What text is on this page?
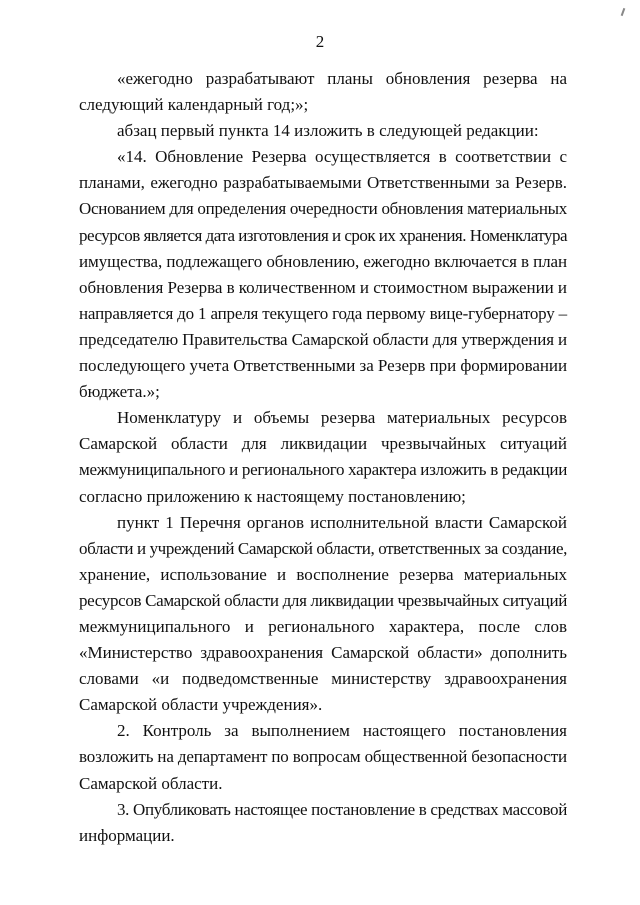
2
«ежегодно разрабатывают планы обновления резерва на
следующий календарный год;»;
абзац первый пункта 14 изложить в следующей редакции:
«14. Обновление Резерва осуществляется в соответствии с
планами, ежегодно разрабатываемыми Ответственными за Резерв.
Основанием для определения очередности обновления материальных
ресурсов является дата изготовления и срок их хранения. Номенклатура
имущества, подлежащего обновлению, ежегодно включается в план
обновления Резерва в количественном и стоимостном выражении и
направляется до 1 апреля текущего года первому вице-губернатору –
председателю Правительства Самарской области для утверждения и
последующего учета Ответственными за Резерв при формировании
бюджета.»;
Номенклатуру и объемы резерва материальных ресурсов
Самарской области для ликвидации чрезвычайных ситуаций
межмуниципального и регионального характера изложить в редакции
согласно приложению к настоящему постановлению;
пункт 1 Перечня органов исполнительной власти Самарской
области и учреждений Самарской области, ответственных за создание,
хранение, использование и восполнение резерва материальных
ресурсов Самарской области для ликвидации чрезвычайных ситуаций
межмуниципального и регионального характера, после слов
«Министерство здравоохранения Самарской области» дополнить
словами «и подведомственные министерству здравоохранения
Самарской области учреждения».
2. Контроль за выполнением настоящего постановления
возложить на департамент по вопросам общественной безопасности
Самарской области.
3. Опубликовать настоящее постановление в средствах массовой
информации.
